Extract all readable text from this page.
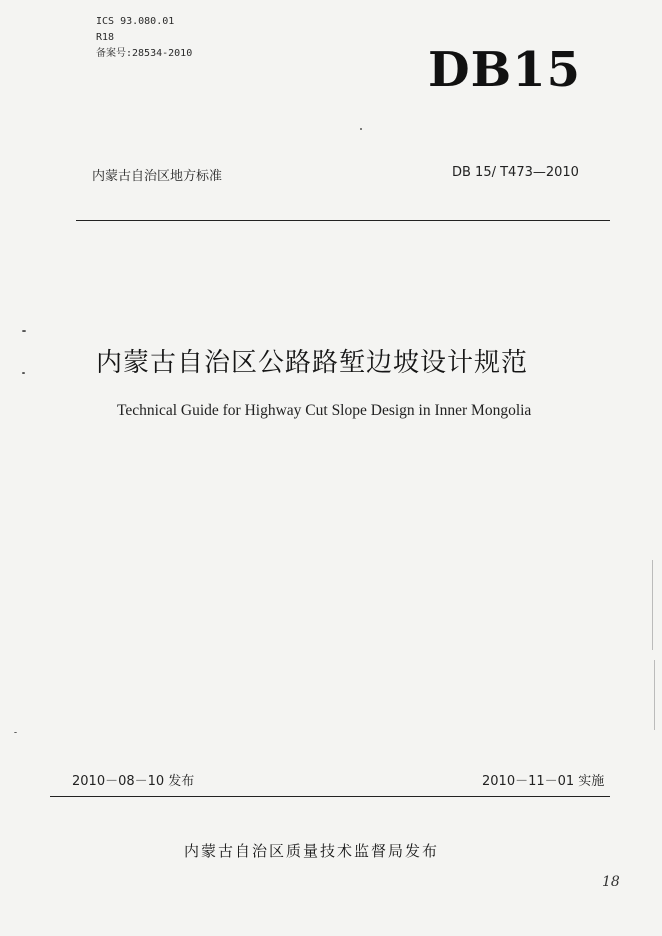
ICS 93.080.01
R18
备案号:28534-2010	DB15
内蒙古自治区地方标准	DB 15/ T473—2010
内蒙古自治区公路路堑边坡设计规范
Technical Guide for Highway Cut Slope Design in Inner Mongolia
2010－08－10 发布	2010－11－01 实施
内蒙古自治区质量技术监督局发布
18
